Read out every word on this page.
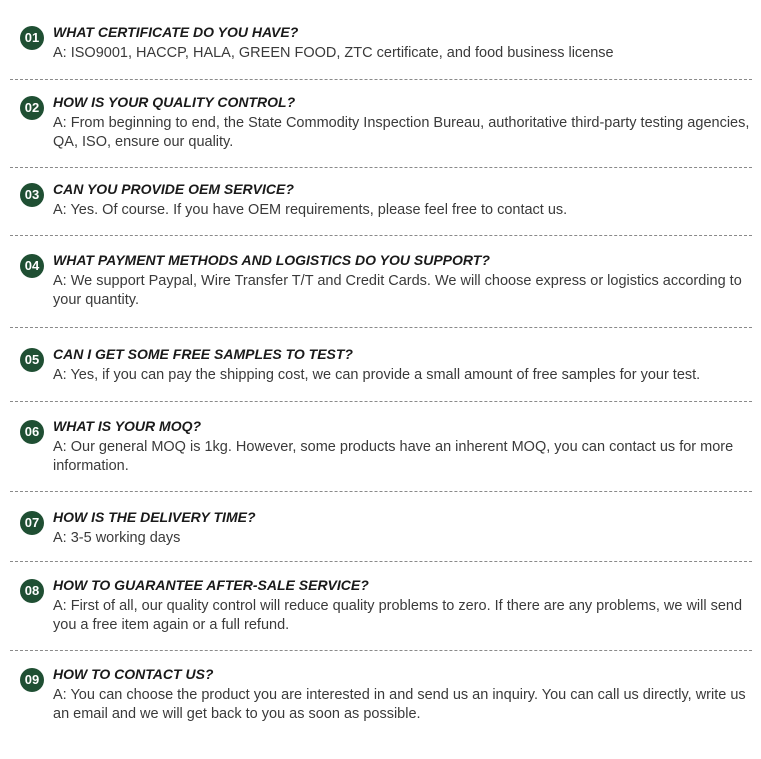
01 WHAT CERTIFICATE DO YOU HAVE?
A: ISO9001, HACCP, HALA, GREEN FOOD, ZTC certificate, and food business license
02 HOW IS YOUR QUALITY CONTROL?
A: From beginning to end, the State Commodity Inspection Bureau, authoritative third-party testing agencies, QA, ISO, ensure our quality.
03 CAN YOU PROVIDE OEM SERVICE?
A: Yes. Of course. If you have OEM requirements, please feel free to contact us.
04 WHAT PAYMENT METHODS AND LOGISTICS DO YOU SUPPORT?
A: We support Paypal, Wire Transfer T/T and Credit Cards. We will choose express or logistics according to your quantity.
05 CAN I GET SOME FREE SAMPLES TO TEST?
A: Yes, if you can pay the shipping cost, we can provide a small amount of free samples for your test.
06 WHAT IS YOUR MOQ?
A: Our general MOQ is 1kg. However, some products have an inherent MOQ, you can contact us for more information.
07 HOW IS THE DELIVERY TIME?
A: 3-5 working days
08 HOW TO GUARANTEE AFTER-SALE SERVICE?
A: First of all, our quality control will reduce quality problems to zero. If there are any problems, we will send you a free item again or a full refund.
09 HOW TO CONTACT US?
A: You can choose the product you are interested in and send us an inquiry. You can call us directly, write us an email and we will get back to you as soon as possible.
